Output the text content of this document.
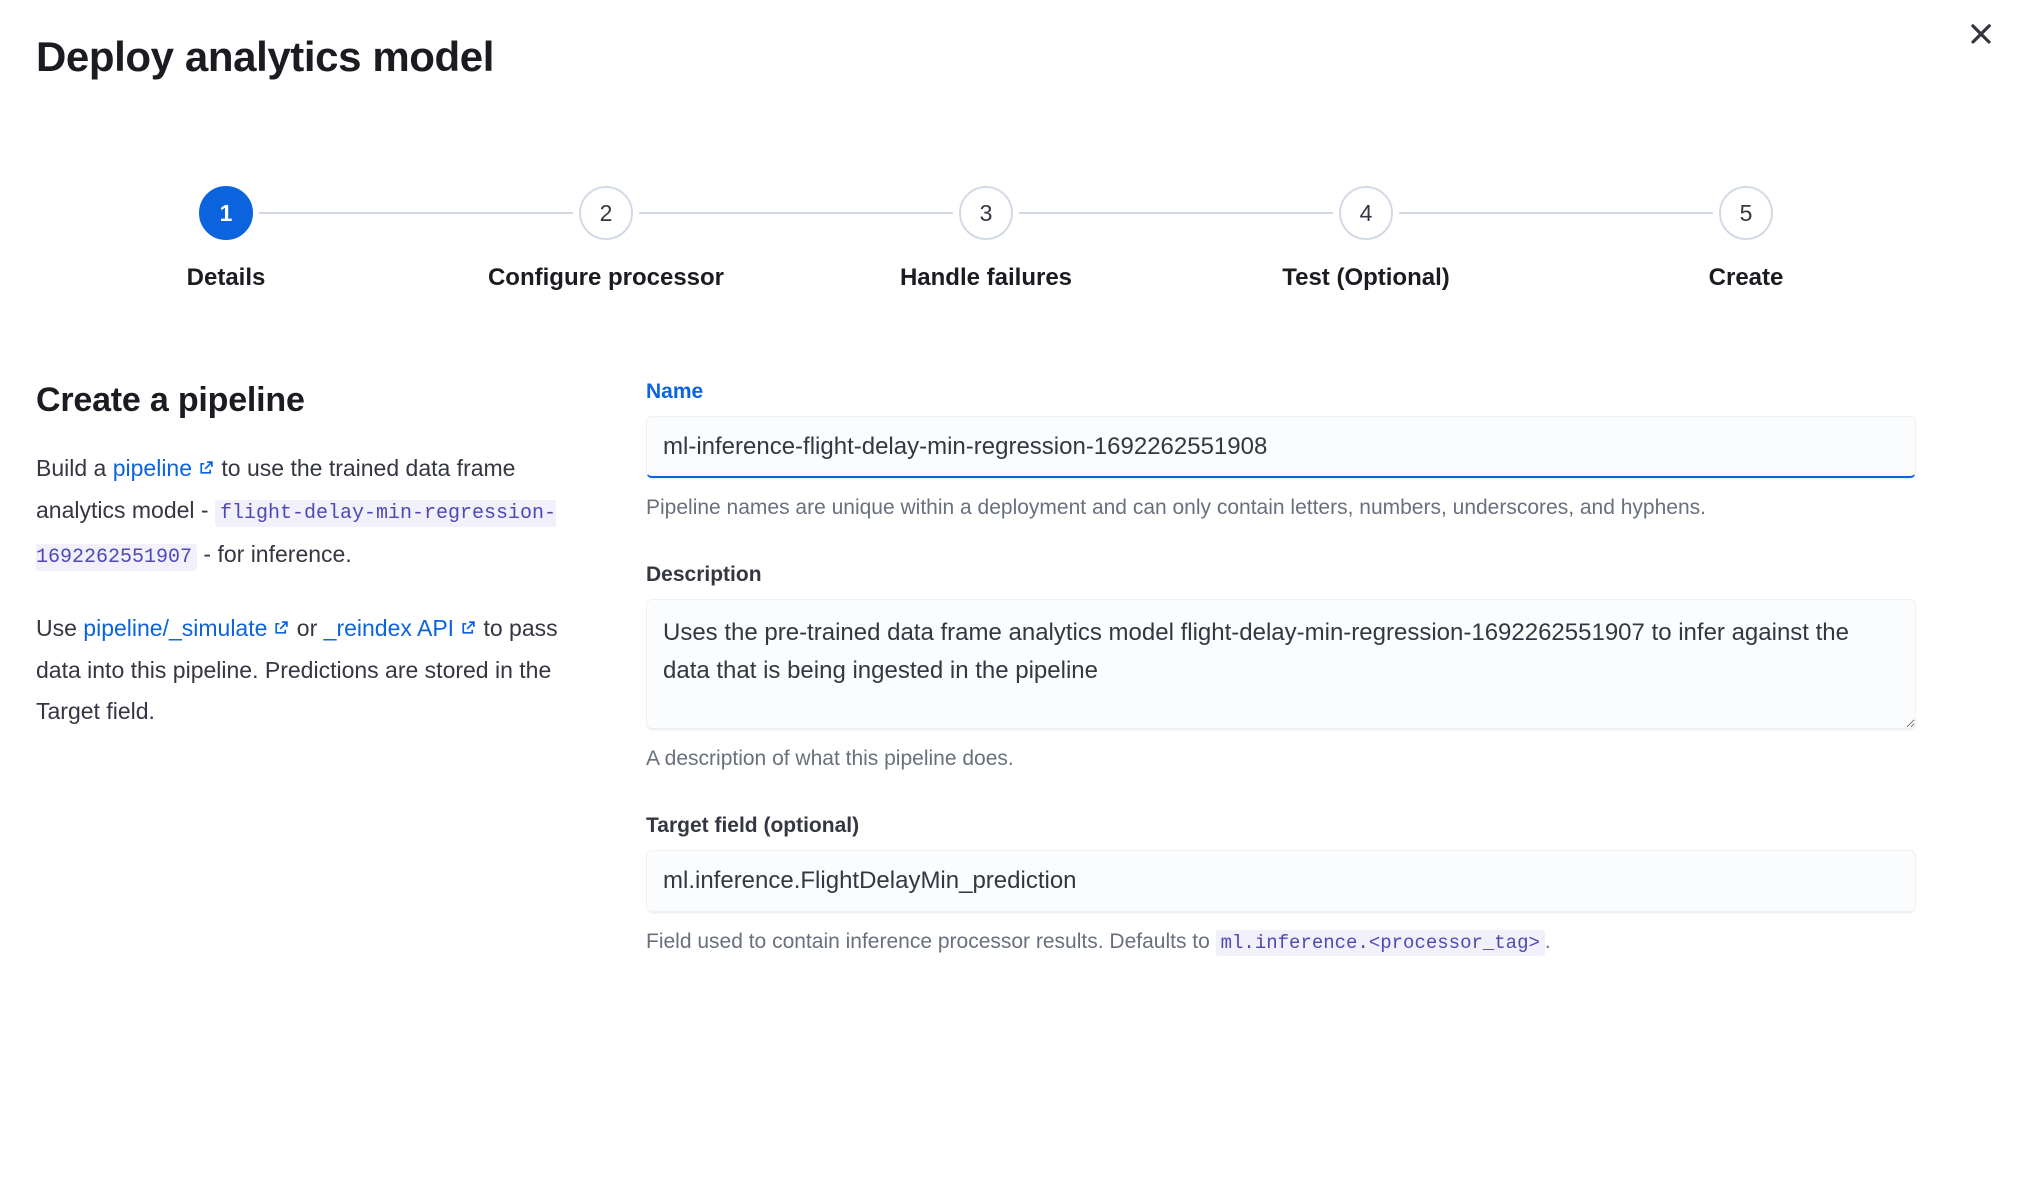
Deploy analytics model
1
Details
2
Configure processor
3
Handle failures
4
Test (Optional)
5
Create
Create a pipeline

Build a pipeline to use the trained data frame analytics model - flight-delay-min-regression-1692262551907 - for inference.

Use pipeline/_simulate or _reindex API to pass data into this pipeline. Predictions are stored in the Target field.

Name
ml-inference-flight-delay-min-regression-1692262551908
Pipeline names are unique within a deployment and can only contain letters, numbers, underscores, and hyphens.
Description
Uses the pre-trained data frame analytics model flight-delay-min-regression-1692262551907 to infer against the data that is being ingested in the pipeline
A description of what this pipeline does.
Target field (optional)
ml.inference.FlightDelayMin_prediction
Field used to contain inference processor results. Defaults to ml.inference.<processor_tag> .
